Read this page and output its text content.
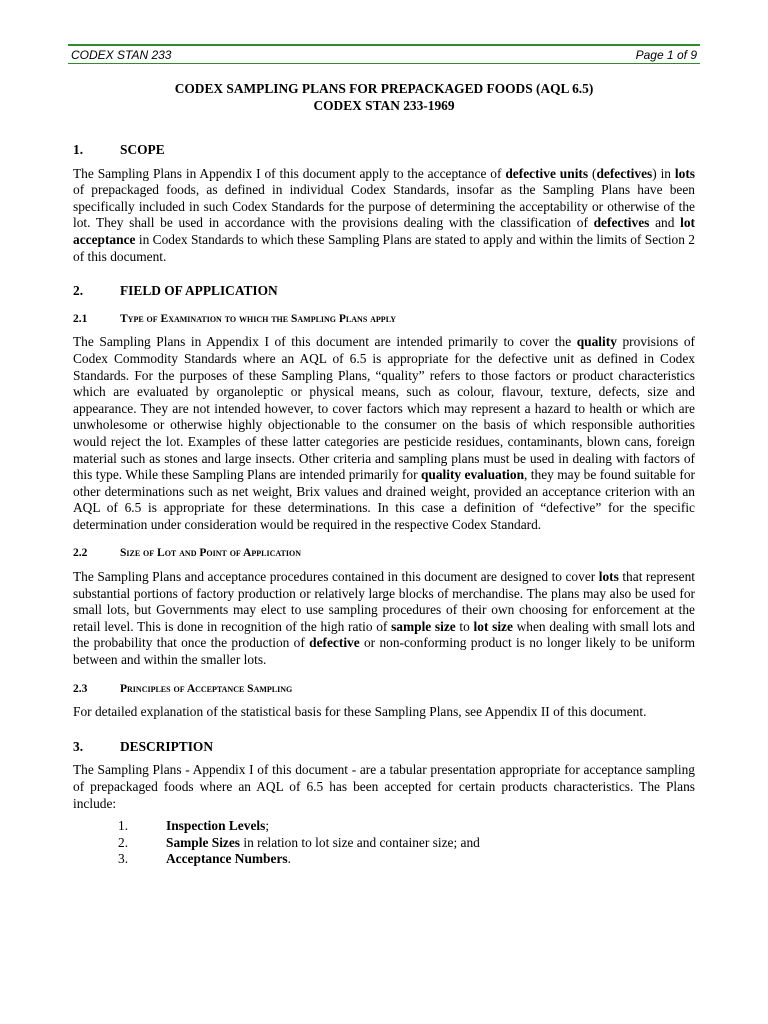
CODEX STAN 233	Page 1 of 9
CODEX SAMPLING PLANS FOR PREPACKAGED FOODS (AQL 6.5)
CODEX STAN 233-1969
1.	SCOPE

The Sampling Plans in Appendix I of this document apply to the acceptance of defective units (defectives) in lots of prepackaged foods, as defined in individual Codex Standards, insofar as the Sampling Plans have been specifically included in such Codex Standards for the purpose of determining the acceptability or otherwise of the lot. They shall be used in accordance with the provisions dealing with the classification of defectives and lot acceptance in Codex Standards to which these Sampling Plans are stated to apply and within the limits of Section 2 of this document.

2.	FIELD OF APPLICATION
2.1	Type of Examination to which the Sampling Plans apply

The Sampling Plans in Appendix I of this document are intended primarily to cover the quality provisions of Codex Commodity Standards where an AQL of 6.5 is appropriate for the defective unit as defined in Codex Standards. For the purposes of these Sampling Plans, “quality” refers to those factors or product characteristics which are evaluated by organoleptic or physical means, such as colour, flavour, texture, defects, size and appearance. They are not intended however, to cover factors which may represent a hazard to health or which are unwholesome or otherwise highly objectionable to the consumer on the basis of which responsible authorities would reject the lot. Examples of these latter categories are pesticide residues, contaminants, blown cans, foreign material such as stones and large insects. Other criteria and sampling plans must be used in dealing with factors of this type. While these Sampling Plans are intended primarily for quality evaluation, they may be found suitable for other determinations such as net weight, Brix values and drained weight, provided an acceptance criterion with an AQL of 6.5 is appropriate for these determinations. In this case a definition of “defective” for the specific determination under consideration would be required in the respective Codex Standard.

2.2	Size of Lot and Point of Application

The Sampling Plans and acceptance procedures contained in this document are designed to cover lots that represent substantial portions of factory production or relatively large blocks of merchandise. The plans may also be used for small lots, but Governments may elect to use sampling procedures of their own choosing for enforcement at the retail level. This is done in recognition of the high ratio of sample size to lot size when dealing with small lots and the probability that once the production of defective or non-conforming product is no longer likely to be uniform between and within the smaller lots.

2.3	Principles of Acceptance Sampling

For detailed explanation of the statistical basis for these Sampling Plans, see Appendix II of this document.

3.	DESCRIPTION

The Sampling Plans - Appendix I of this document - are a tabular presentation appropriate for acceptance sampling of prepackaged foods where an AQL of 6.5 has been accepted for certain products characteristics. The Plans include:

1.	Inspection Levels;
2.	Sample Sizes in relation to lot size and container size; and
3.	Acceptance Numbers.
